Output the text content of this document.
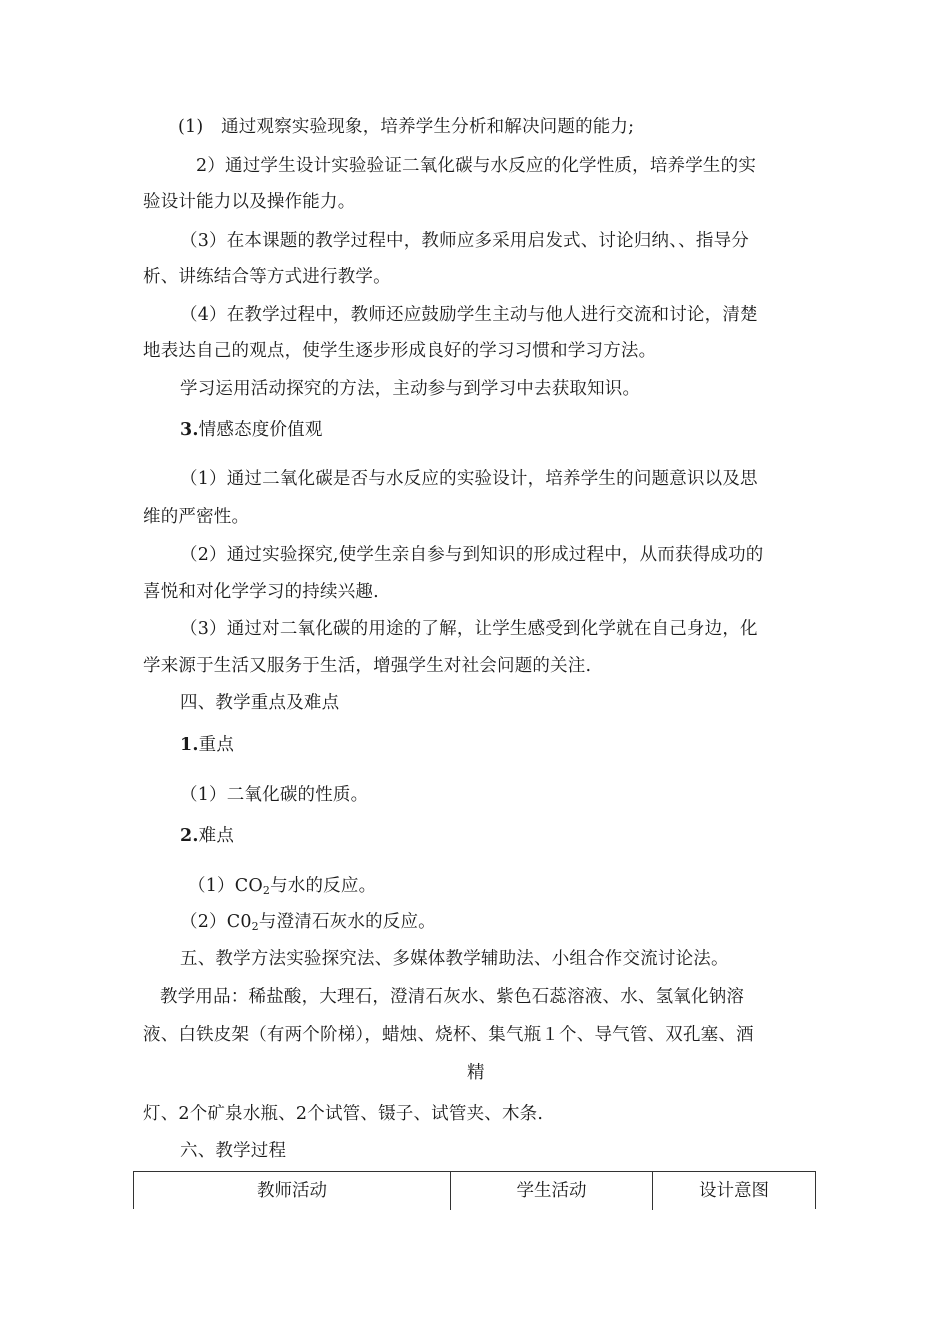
(1)　通过观察实验现象，培养学生分析和解决问题的能力;
2）通过学生设计实验验证二氧化碳与水反应的化学性质，培养学生的实
验设计能力以及操作能力。
（3）在本课题的教学过程中，教师应多采用启发式、讨论归纳、、指导分
析、讲练结合等方式进行教学。
（4）在教学过程中，教师还应鼓励学生主动与他人进行交流和讨论，清楚
地表达自己的观点，使学生逐步形成良好的学习习惯和学习方法。
学习运用活动探究的方法，主动参与到学习中去获取知识。
3.情感态度价值观
（1）通过二氧化碳是否与水反应的实验设计，培养学生的问题意识以及思
维的严密性。
（2）通过实验探究,使学生亲自参与到知识的形成过程中，从而获得成功的
喜悦和对化学学习的持续兴趣.
（3）通过对二氧化碳的用途的了解，让学生感受到化学就在自己身边，化
学来源于生活又服务于生活，增强学生对社会问题的关注.
四、教学重点及难点
1.重点
（1）二氧化碳的性质。
2.难点
$(1)CO_2$与水的反应。
$(2)C0_2$与澄清石灰水的反应。
五、教学方法实验探究法、多媒体教学辅助法、小组合作交流讨论法。
教学用品：稀盐酸，大理石，澄清石灰水、紫色石蕊溶液、水、氢氧化钠溶
液、白铁皮架（有两个阶梯），蜡烛、烧杯、集气瓶１个、导气管、双孔塞、酒
精
灯、2个矿泉水瓶、2个试管、镊子、试管夹、木条.
六、教学过程
教师活动	学生活动	设计意图
